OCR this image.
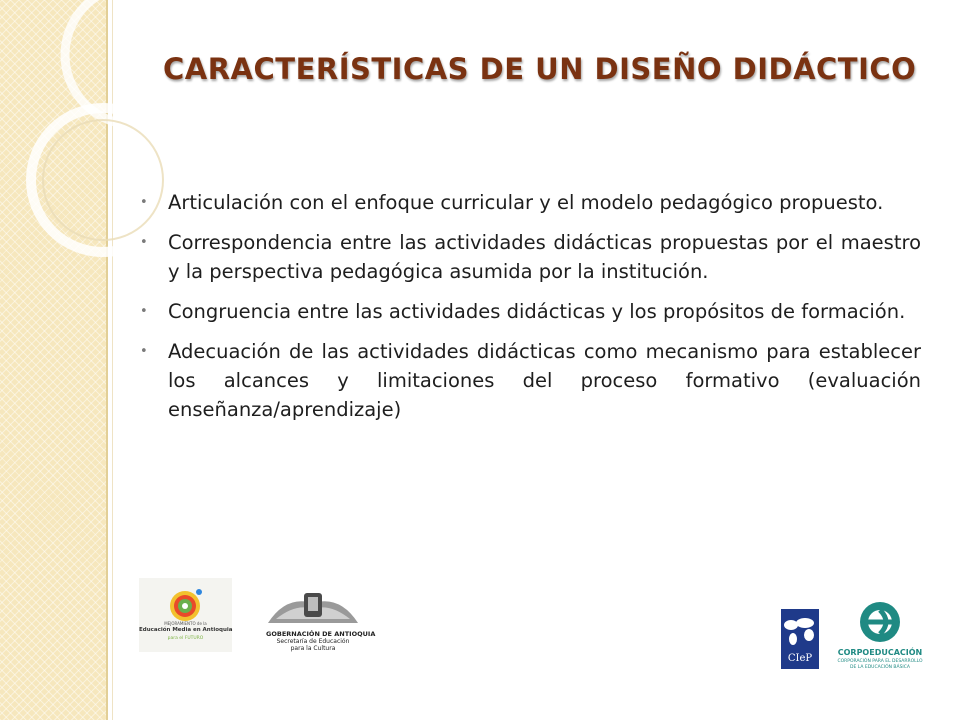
CARACTERÍSTICAS DE UN DISEÑO DIDÁCTICO
• Articulación con el enfoque curricular y el modelo pedagógico propuesto.
• Correspondencia entre las actividades didácticas propuestas por el maestro y la perspectiva pedagógica asumida por la institución.
• Congruencia entre las actividades didácticas y los propósitos de formación.
• Adecuación de las actividades didácticas como mecanismo para establecer los alcances y limitaciones del proceso formativo (evaluación enseñanza/aprendizaje)
MEJORAMIENTO de la
Educación Media en Antioquia
para el FUTURO
GOBERNACIÓN DE ANTIOQUIA
Secretaría de Educación
para la Cultura
CIeP
CORPOEDUCACIÓN
CORPORACIÓN PARA EL DESARROLLO
DE LA EDUCACIÓN BÁSICA
